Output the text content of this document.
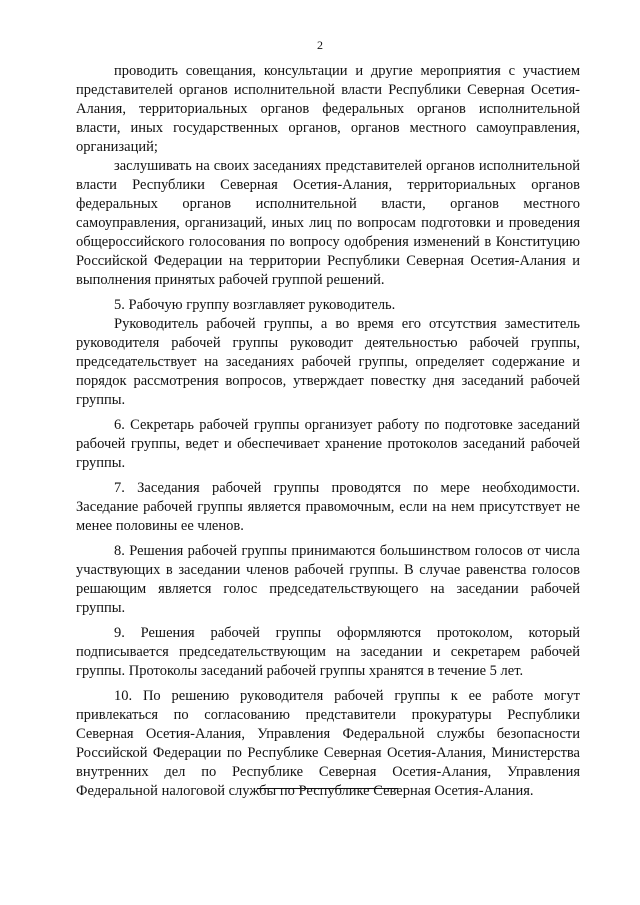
2

проводить совещания, консультации и другие мероприятия с участием представителей органов исполнительной власти Республики Северная Осетия-Алания, территориальных органов федеральных органов исполнительной власти, иных государственных органов, органов местного самоуправления, организаций;

заслушивать на своих заседаниях представителей органов исполнительной власти Республики Северная Осетия-Алания, территориальных органов федеральных органов исполнительной власти, органов местного самоуправления, организаций, иных лиц по вопросам подготовки и проведения общероссийского голосования по вопросу одобрения изменений в Конституцию Российской Федерации на территории Республики Северная Осетия-Алания и выполнения принятых рабочей группой решений.

5. Рабочую группу возглавляет руководитель.

Руководитель рабочей группы, а во время его отсутствия заместитель руководителя рабочей группы руководит деятельностью рабочей группы, председательствует на заседаниях рабочей группы, определяет содержание и порядок рассмотрения вопросов, утверждает повестку дня заседаний рабочей группы.

6. Секретарь рабочей группы организует работу по подготовке заседаний рабочей группы, ведет и обеспечивает хранение протоколов заседаний рабочей группы.

7. Заседания рабочей группы проводятся по мере необходимости. Заседание рабочей группы является правомочным, если на нем присутствует не менее половины ее членов.

8. Решения рабочей группы принимаются большинством голосов от числа участвующих в заседании членов рабочей группы. В случае равенства голосов решающим является голос председательствующего на заседании рабочей группы.

9. Решения рабочей группы оформляются протоколом, который подписывается председательствующим на заседании и секретарем рабочей группы. Протоколы заседаний рабочей группы хранятся в течение 5 лет.

10. По решению руководителя рабочей группы к ее работе могут привлекаться по согласованию представители прокуратуры Республики Северная Осетия-Алания, Управления Федеральной службы безопасности Российской Федерации по Республике Северная Осетия-Алания, Министерства внутренних дел по Республике Северная Осетия-Алания, Управления Федеральной налоговой службы по Республике Северная Осетия-Алания.
